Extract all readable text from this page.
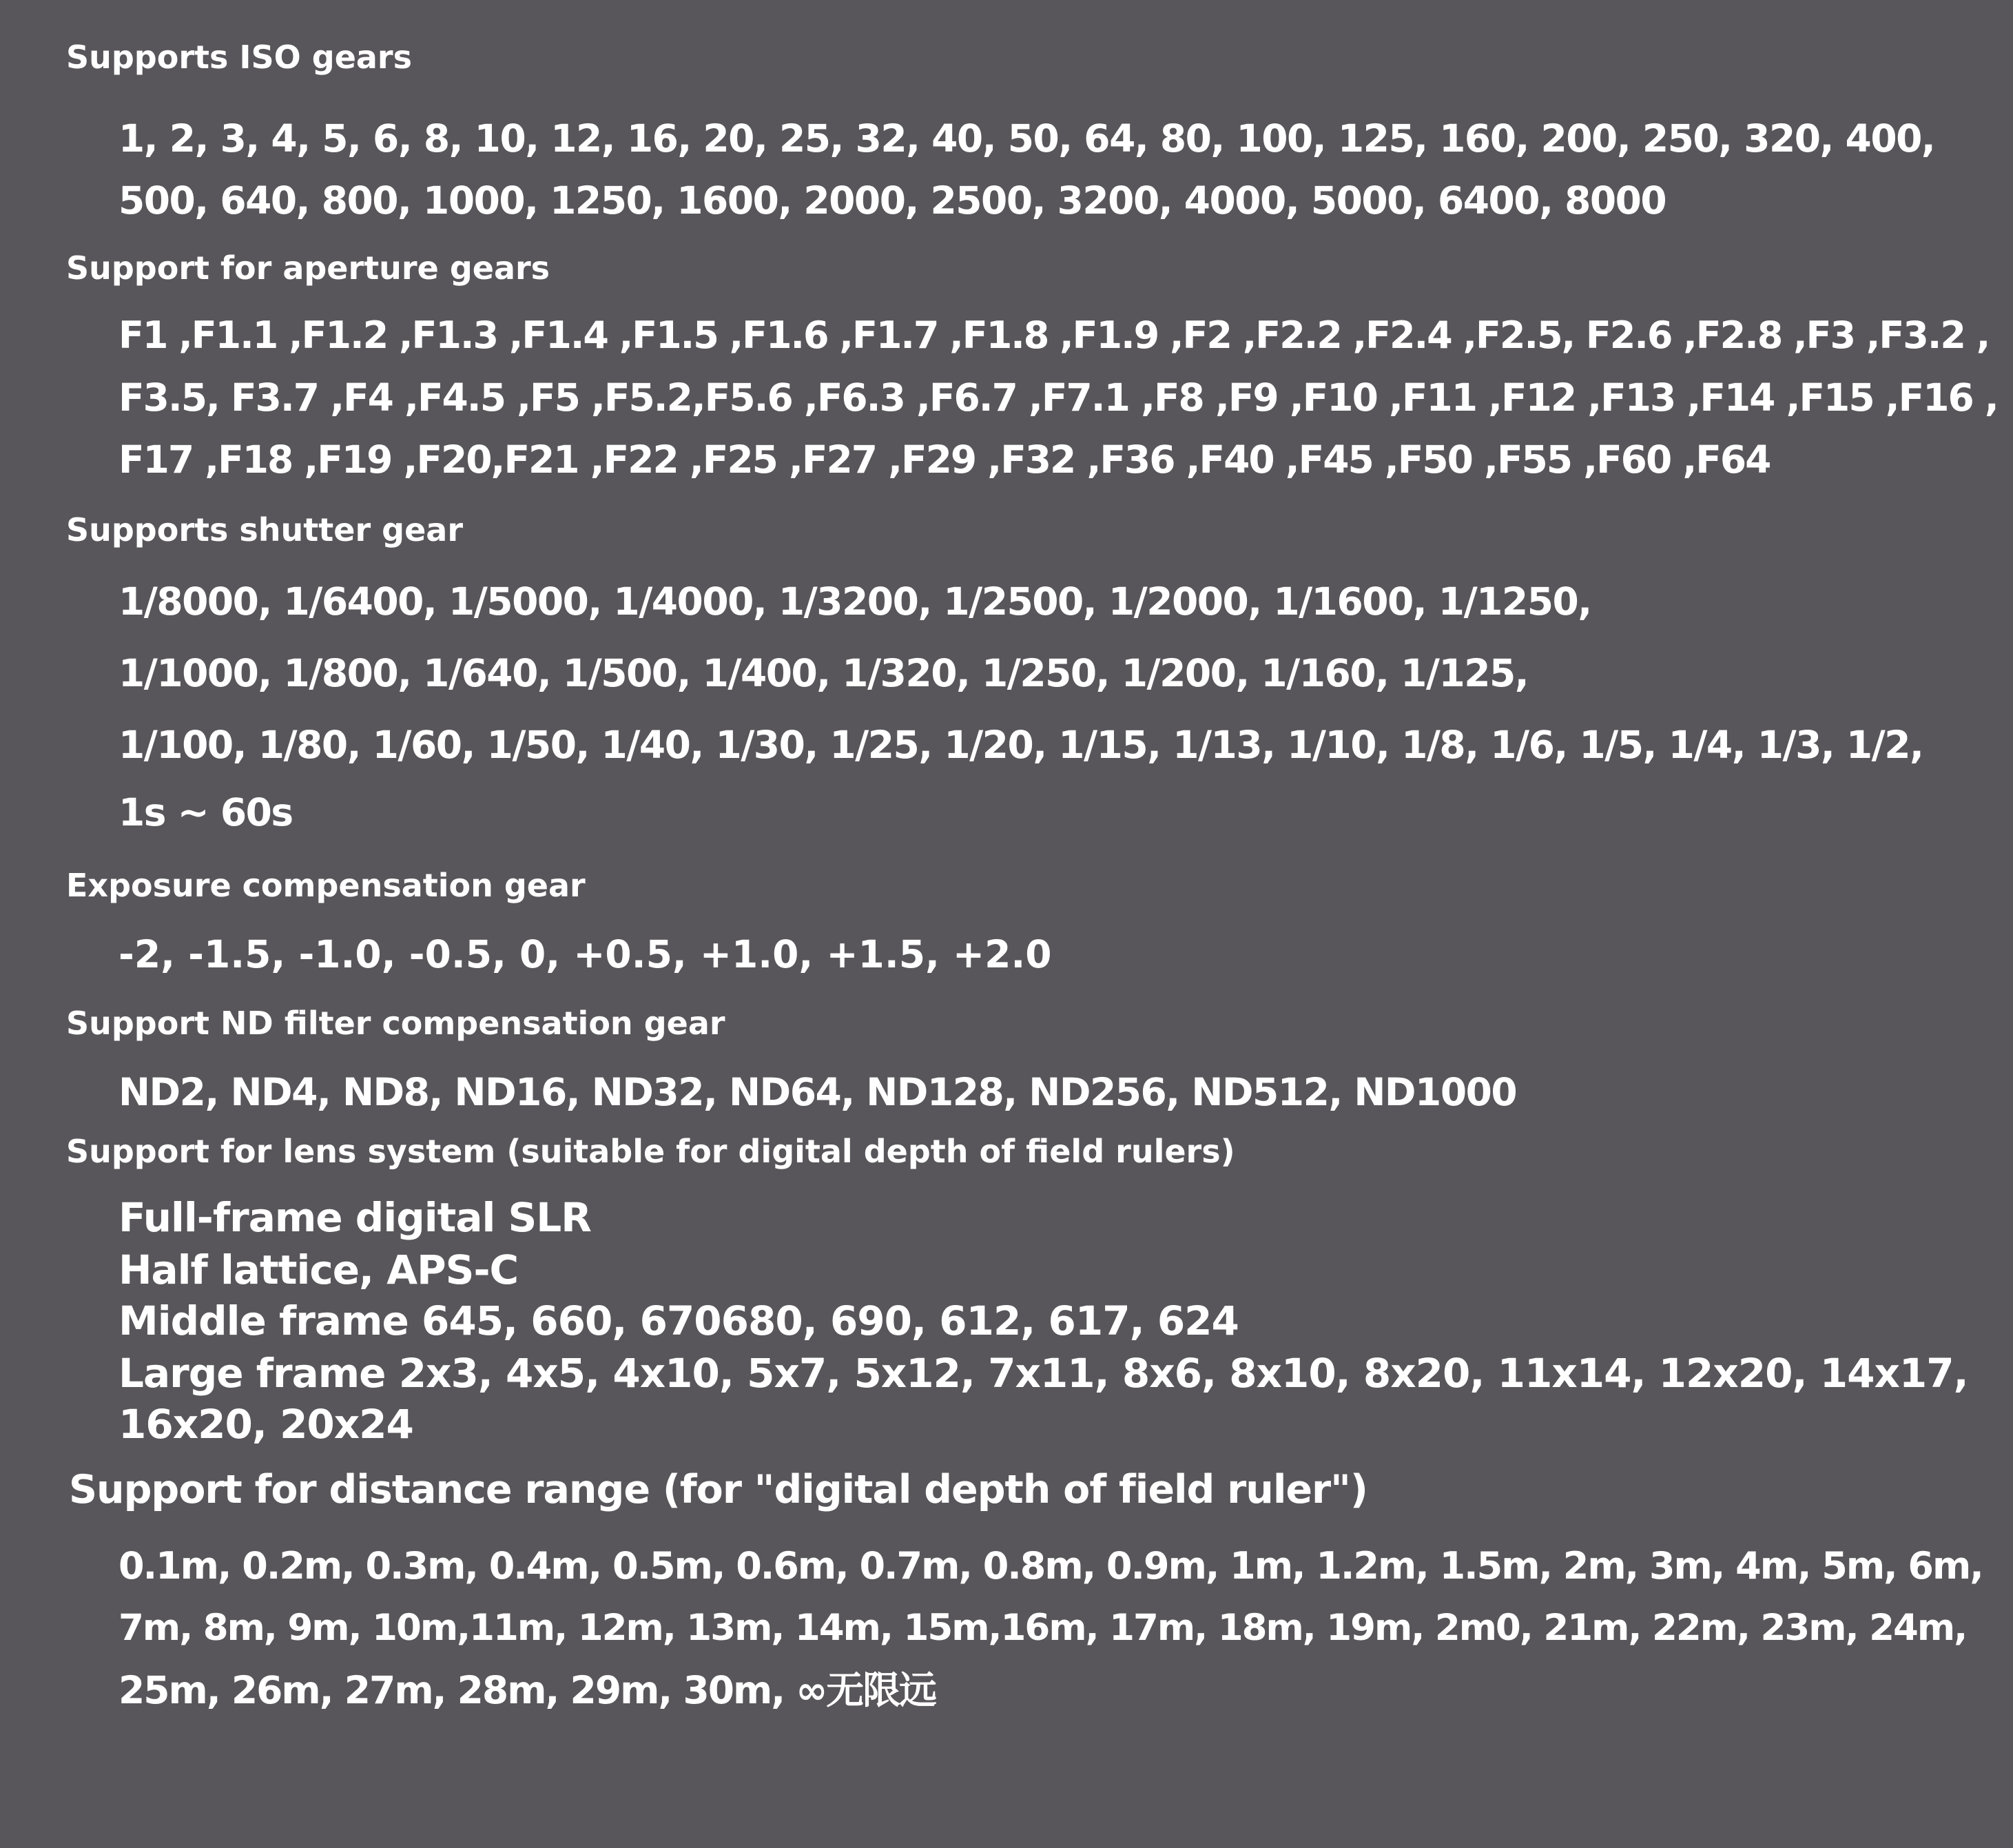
Supports ISO gears
1, 2, 3, 4, 5, 6, 8, 10, 12, 16, 20, 25, 32, 40, 50, 64, 80, 100, 125, 160, 200, 250, 320, 400,
500, 640, 800, 1000, 1250, 1600, 2000, 2500, 3200, 4000, 5000, 6400, 8000
Support for aperture gears
F1 ,F1.1 ,F1.2 ,F1.3 ,F1.4 ,F1.5 ,F1.6 ,F1.7 ,F1.8 ,F1.9 ,F2 ,F2.2 ,F2.4 ,F2.5, F2.6 ,F2.8 ,F3 ,F3.2 ,
F3.5, F3.7 ,F4 ,F4.5 ,F5 ,F5.2,F5.6 ,F6.3 ,F6.7 ,F7.1 ,F8 ,F9 ,F10 ,F11 ,F12 ,F13 ,F14 ,F15 ,F16 ,
F17 ,F18 ,F19 ,F20,F21 ,F22 ,F25 ,F27 ,F29 ,F32 ,F36 ,F40 ,F45 ,F50 ,F55 ,F60 ,F64
Supports shutter gear
1/8000, 1/6400, 1/5000, 1/4000, 1/3200, 1/2500, 1/2000, 1/1600, 1/1250,
1/1000, 1/800, 1/640, 1/500, 1/400, 1/320, 1/250, 1/200, 1/160, 1/125,
1/100, 1/80, 1/60, 1/50, 1/40, 1/30, 1/25, 1/20, 1/15, 1/13, 1/10, 1/8, 1/6, 1/5, 1/4, 1/3, 1/2,
1s ~ 60s
Exposure compensation gear
-2, -1.5, -1.0, -0.5, 0, +0.5, +1.0, +1.5, +2.0
Support ND filter compensation gear
ND2, ND4, ND8, ND16, ND32, ND64, ND128, ND256, ND512, ND1000
Support for lens system (suitable for digital depth of field rulers)
Full-frame digital SLR
Half lattice, APS-C
Middle frame 645, 660, 670680, 690, 612, 617, 624
Large frame 2x3, 4x5, 4x10, 5x7, 5x12, 7x11, 8x6, 8x10, 8x20, 11x14, 12x20, 14x17,
16x20, 20x24
Support for distance range (for "digital depth of field ruler")
0.1m, 0.2m, 0.3m, 0.4m, 0.5m, 0.6m, 0.7m, 0.8m, 0.9m, 1m, 1.2m, 1.5m, 2m, 3m, 4m, 5m, 6m,
7m, 8m, 9m, 10m,11m, 12m, 13m, 14m, 15m,16m, 17m, 18m, 19m, 2m0, 21m, 22m, 23m, 24m,
25m, 26m, 27m, 28m, 29m, 30m, ∞无限远
